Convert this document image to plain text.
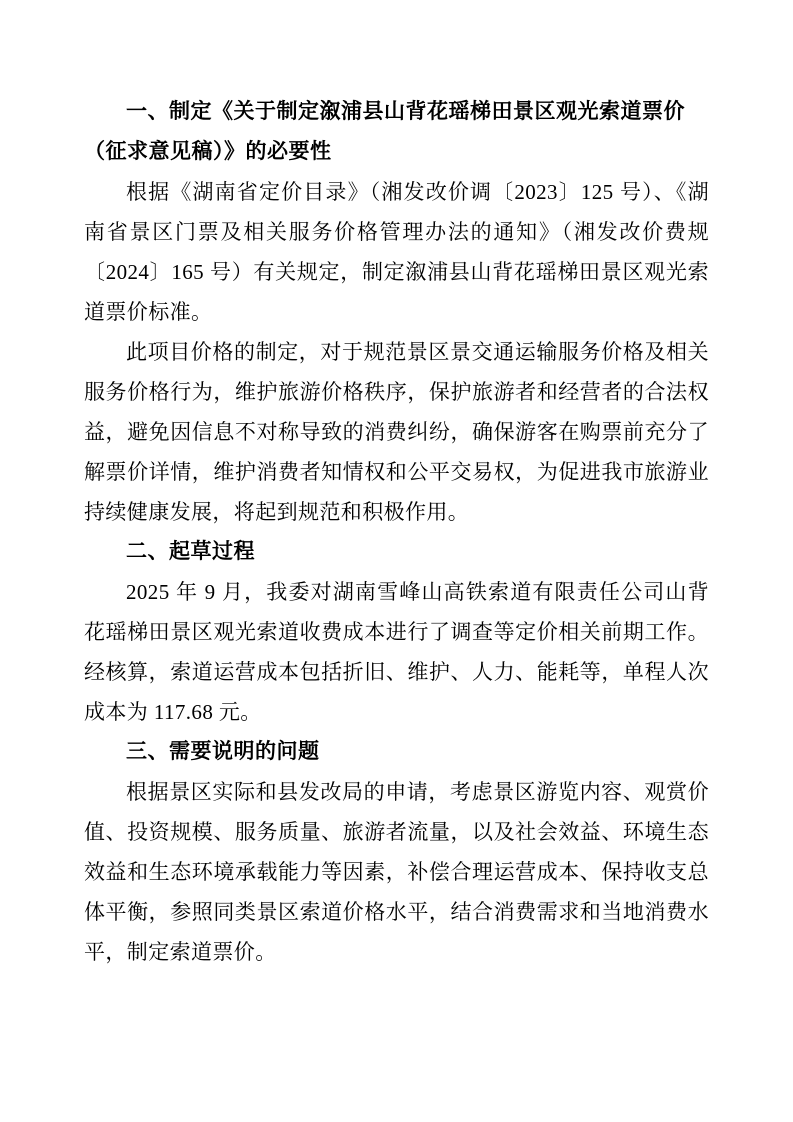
一、制定《关于制定溆浦县山背花瑶梯田景区观光索道票价（征求意见稿）》的必要性

根据《湖南省定价目录》（湘发改价调〔2023〕125 号）、《湖南省景区门票及相关服务价格管理办法的通知》（湘发改价费规〔2024〕165 号）有关规定，制定溆浦县山背花瑶梯田景区观光索道票价标准。

此项目价格的制定，对于规范景区景交通运输服务价格及相关服务价格行为，维护旅游价格秩序，保护旅游者和经营者的合法权益，避免因信息不对称导致的消费纠纷，确保游客在购票前充分了解票价详情，维护消费者知情权和公平交易权，为促进我市旅游业持续健康发展，将起到规范和积极作用。

二、起草过程

2025 年 9 月，我委对湖南雪峰山高铁索道有限责任公司山背花瑶梯田景区观光索道收费成本进行了调查等定价相关前期工作。经核算，索道运营成本包括折旧、维护、人力、能耗等，单程人次成本为 117.68 元。

三、需要说明的问题

根据景区实际和县发改局的申请，考虑景区游览内容、观赏价值、投资规模、服务质量、旅游者流量，以及社会效益、环境生态效益和生态环境承载能力等因素，补偿合理运营成本、保持收支总体平衡，参照同类景区索道价格水平，结合消费需求和当地消费水平，制定索道票价。
